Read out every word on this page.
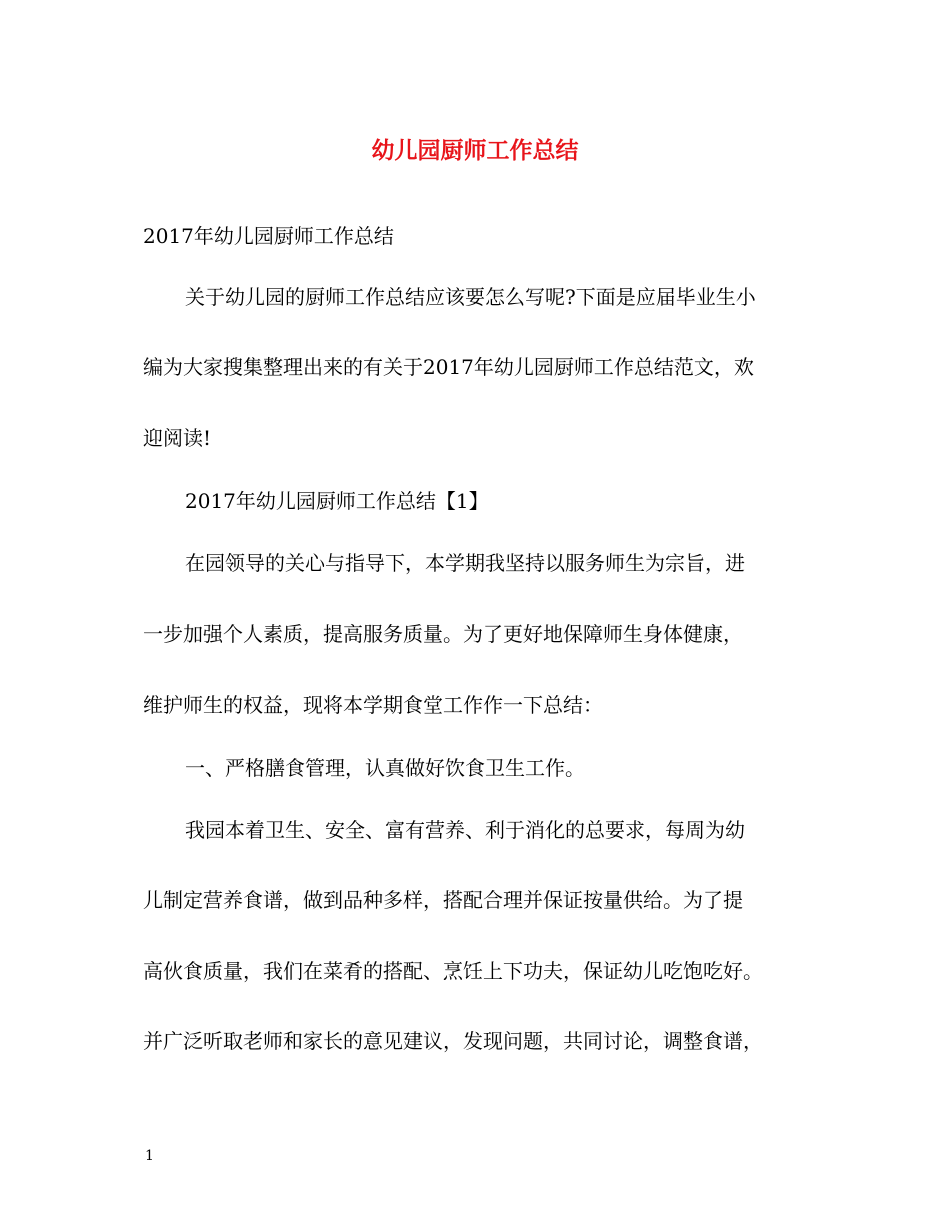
幼儿园厨师工作总结
2017年幼儿园厨师工作总结
关于幼儿园的厨师工作总结应该要怎么写呢?下面是应届毕业生小
编为大家搜集整理出来的有关于2017年幼儿园厨师工作总结范文，欢
迎阅读!
2017年幼儿园厨师工作总结【1】
在园领导的关心与指导下，本学期我坚持以服务师生为宗旨，进
一步加强个人素质，提高服务质量。为了更好地保障师生身体健康，
维护师生的权益，现将本学期食堂工作作一下总结：
一、严格膳食管理，认真做好饮食卫生工作。
我园本着卫生、安全、富有营养、利于消化的总要求，每周为幼
儿制定营养食谱，做到品种多样，搭配合理并保证按量供给。为了提
高伙食质量，我们在菜肴的搭配、烹饪上下功夫，保证幼儿吃饱吃好。
并广泛听取老师和家长的意见建议，发现问题，共同讨论，调整食谱，
1
